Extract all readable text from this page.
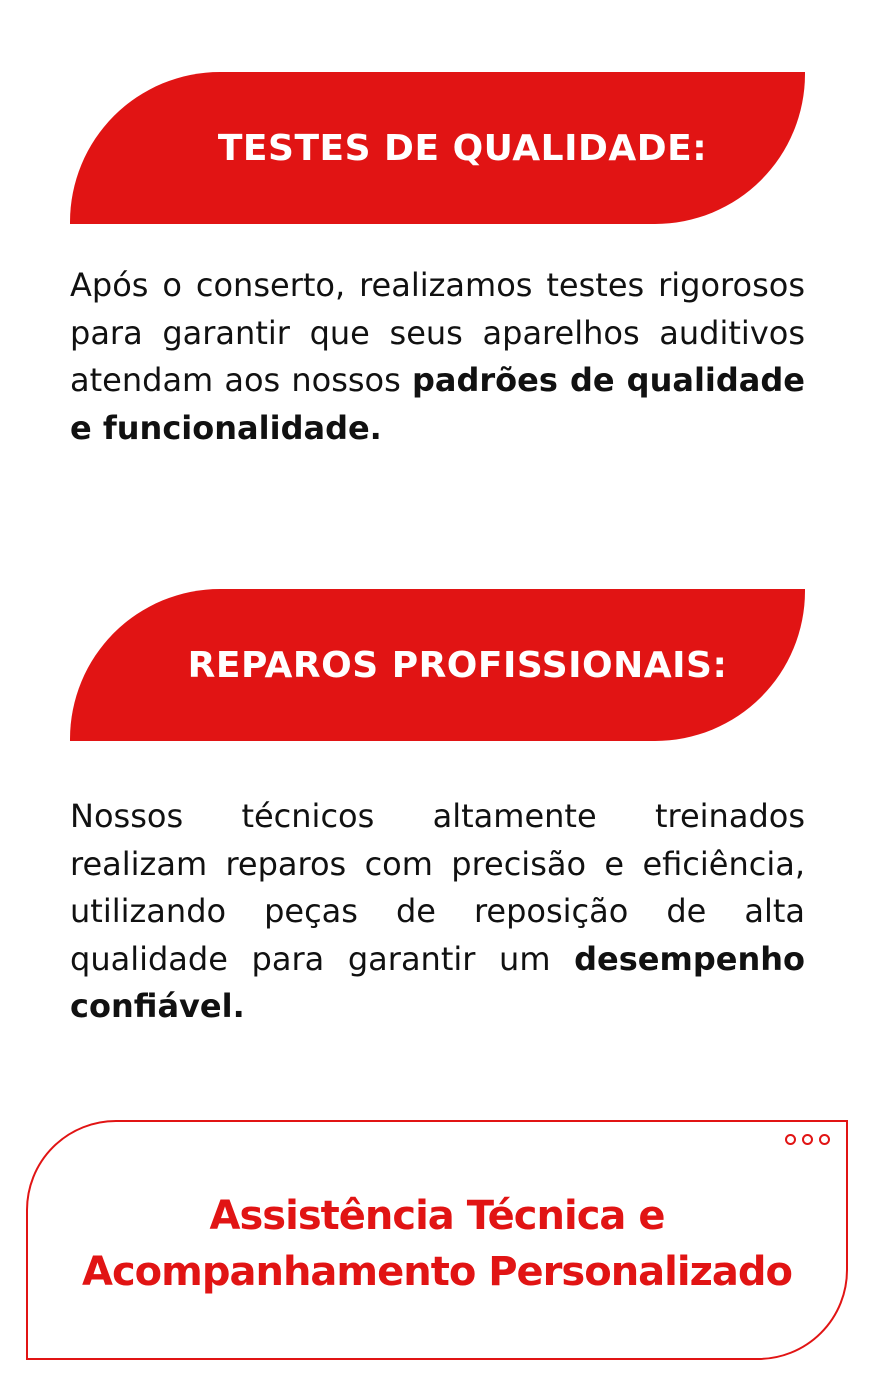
TESTES DE QUALIDADE:

Após o conserto, realizamos testes rigorosos para garantir que seus aparelhos auditivos atendam aos nossos padrões de qualidade e funcionalidade.

REPAROS PROFISSIONAIS:

Nossos técnicos altamente treinados realizam reparos com precisão e eficiência, utilizando peças de reposição de alta qualidade para garantir um desempenho confiável.

Assistência Técnica e
Acompanhamento Personalizado
